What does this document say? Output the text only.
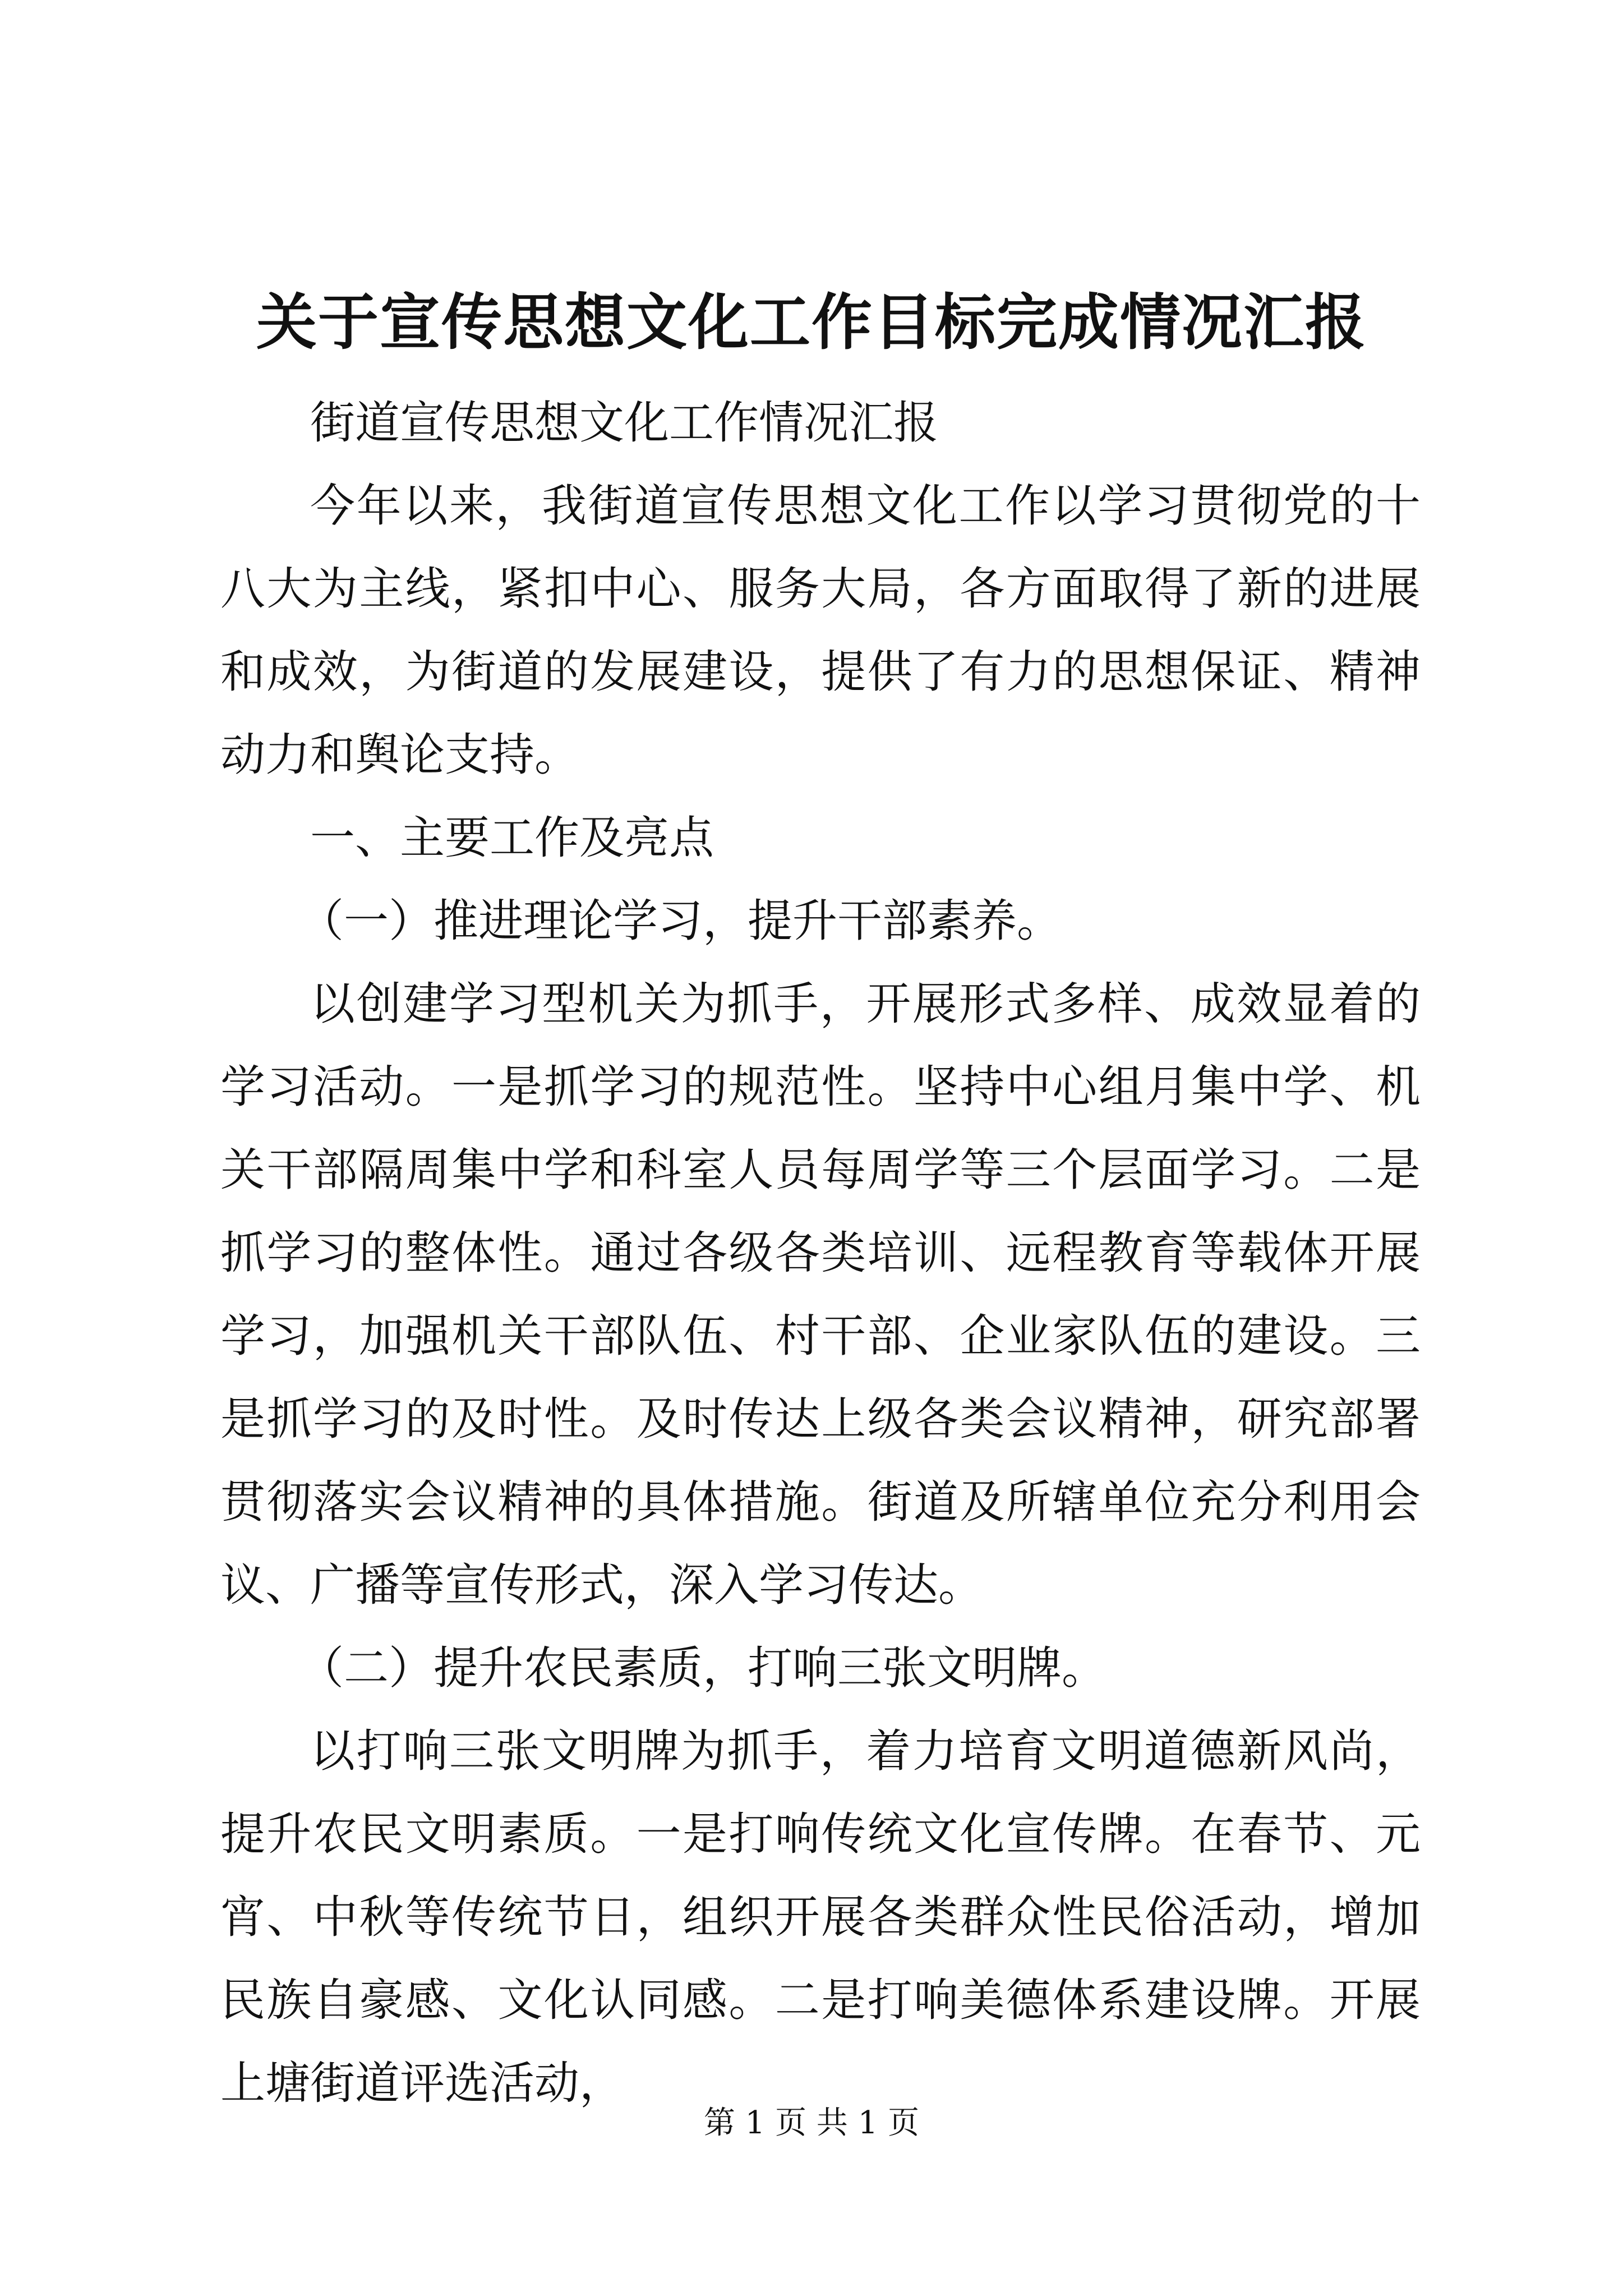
关于宣传思想文化工作目标完成情况汇报

街道宣传思想文化工作情况汇报

今年以来，我街道宣传思想文化工作以学习贯彻党的十八大为主线，紧扣中心、服务大局，各方面取得了新的进展和成效，为街道的发展建设，提供了有力的思想保证、精神动力和舆论支持。

一、主要工作及亮点

（一）推进理论学习，提升干部素养。

以创建学习型机关为抓手，开展形式多样、成效显着的学习活动。一是抓学习的规范性。坚持中心组月集中学、机关干部隔周集中学和科室人员每周学等三个层面学习。二是抓学习的整体性。通过各级各类培训、远程教育等载体开展学习，加强机关干部队伍、村干部、企业家队伍的建设。三是抓学习的及时性。及时传达上级各类会议精神，研究部署贯彻落实会议精神的具体措施。街道及所辖单位充分利用会议、广播等宣传形式，深入学习传达。

（二）提升农民素质，打响三张文明牌。

以打响三张文明牌为抓手，着力培育文明道德新风尚，提升农民文明素质。一是打响传统文化宣传牌。在春节、元宵、中秋等传统节日，组织开展各类群众性民俗活动，增加民族自豪感、文化认同感。二是打响美德体系建设牌。开展上塘街道评选活动，

第 1 页 共 1 页
